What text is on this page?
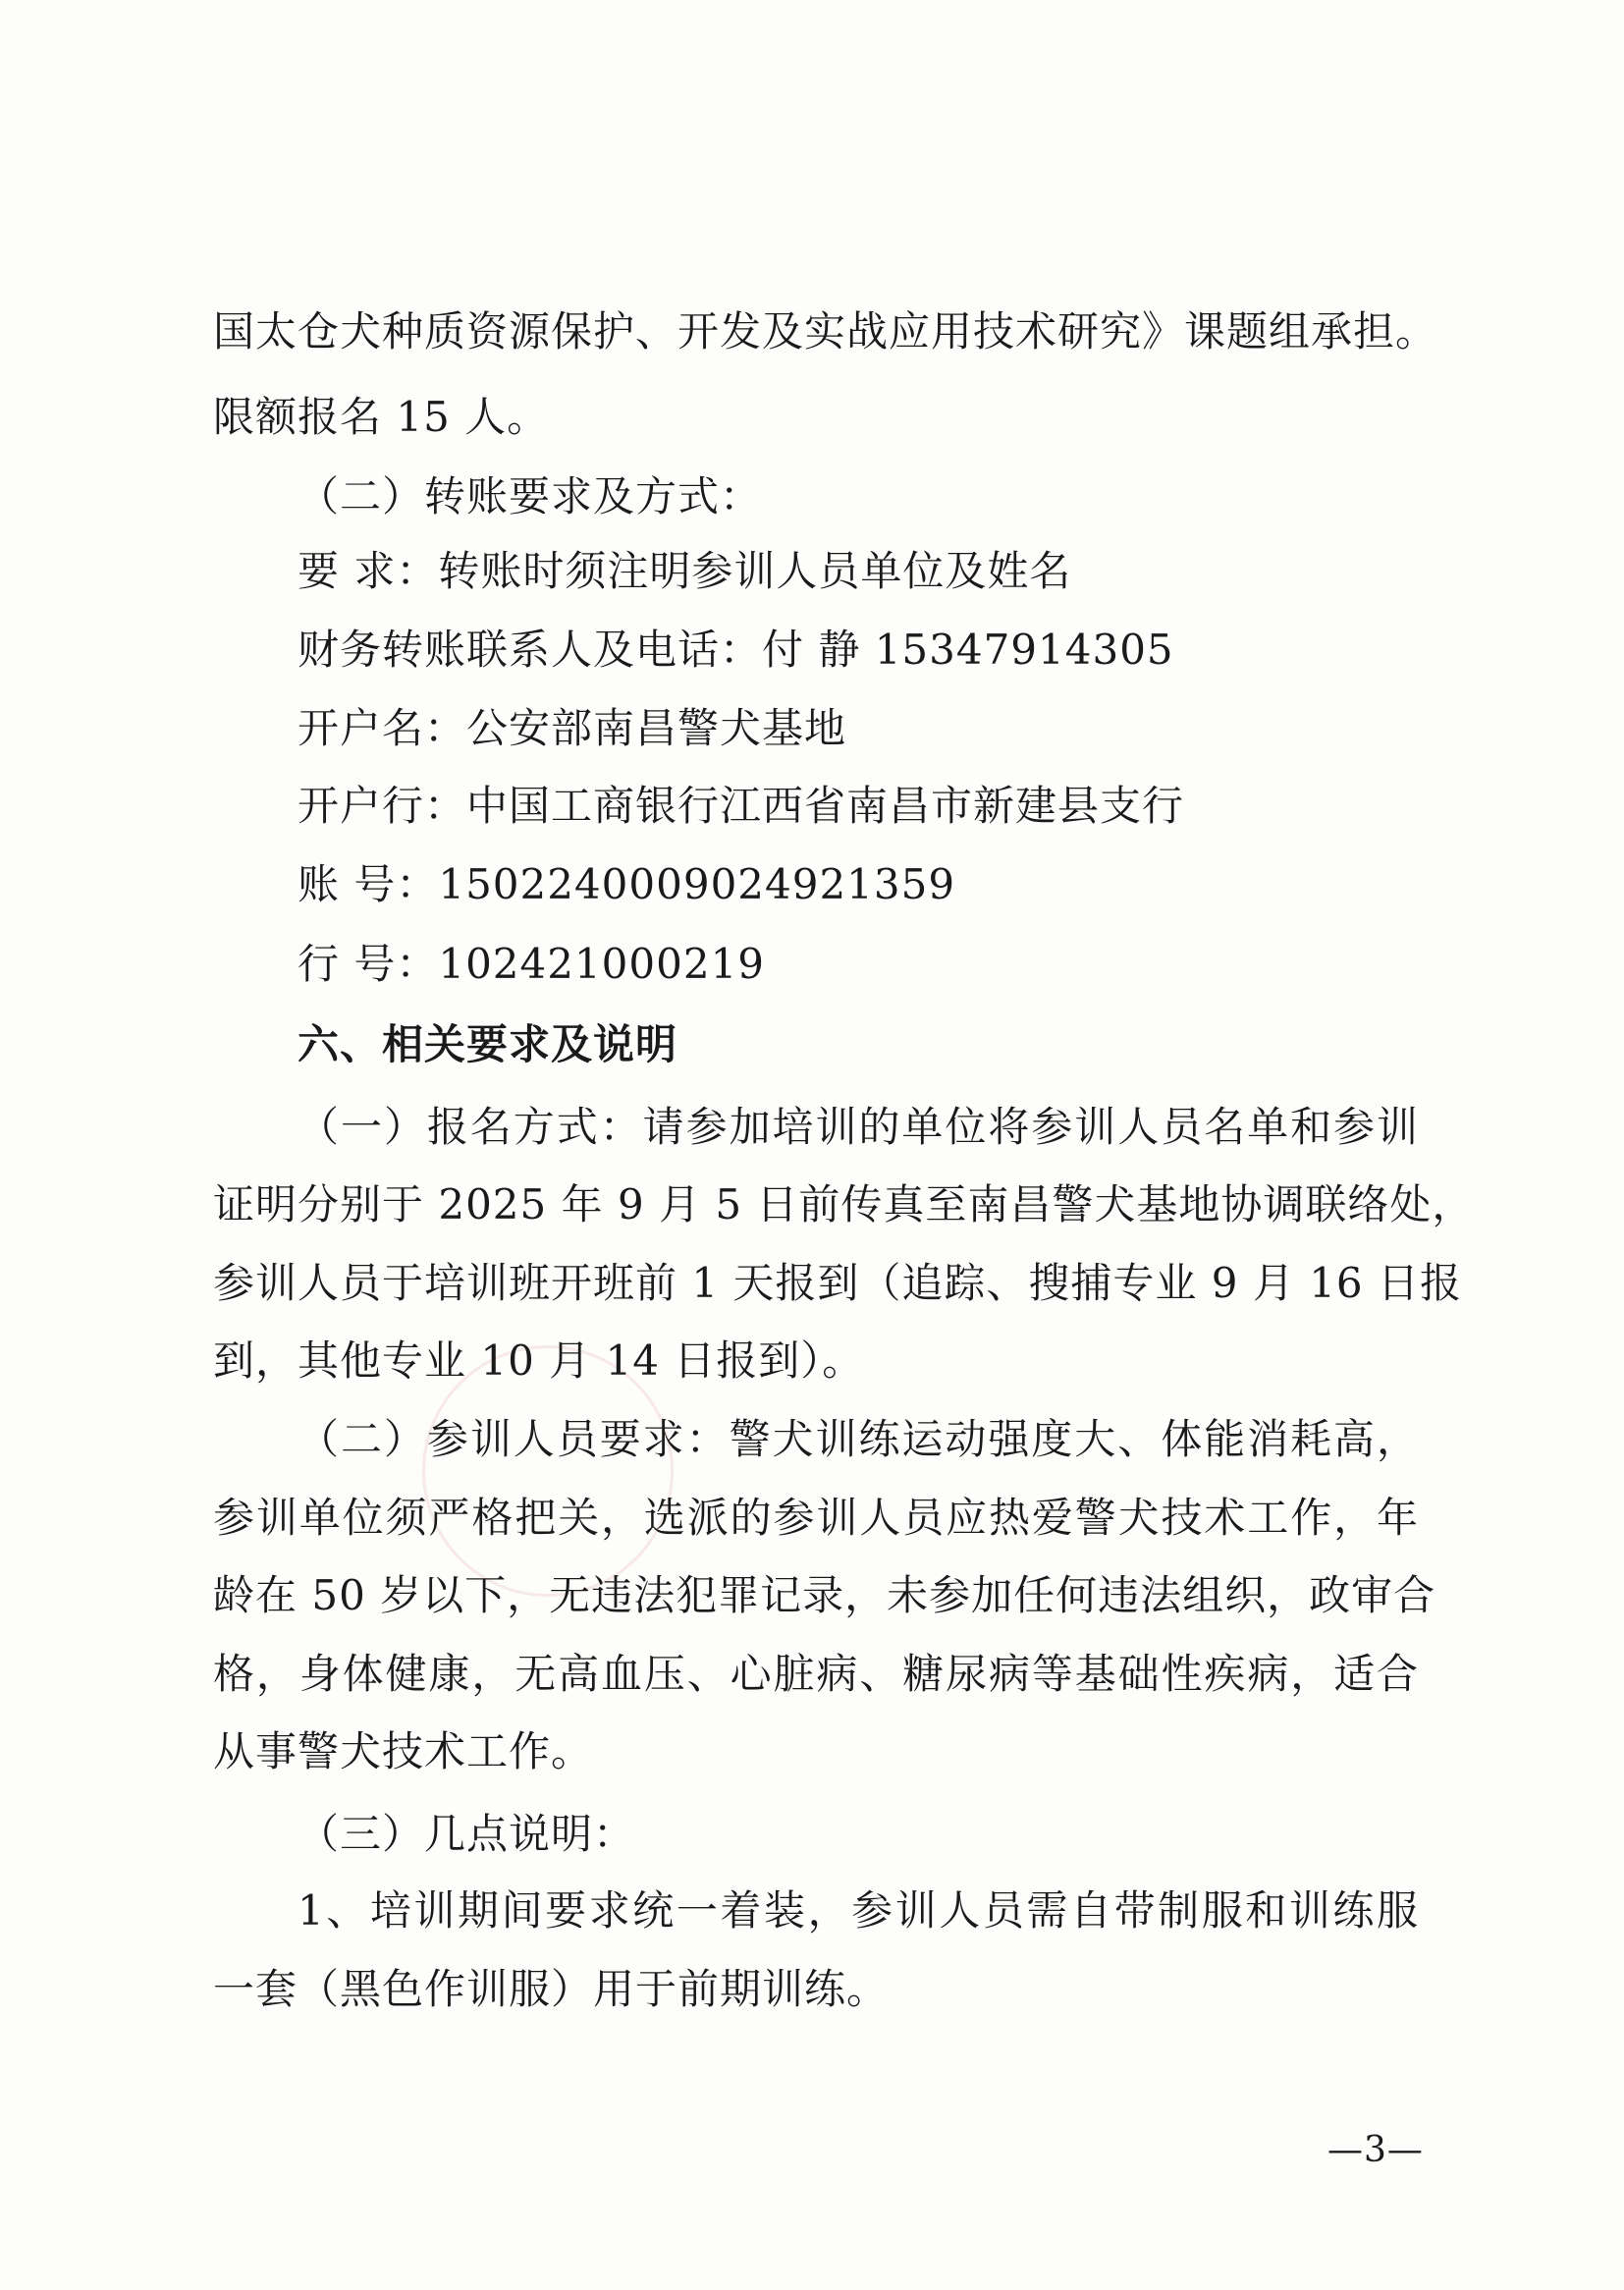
国太仓犬种质资源保护、开发及实战应用技术研究》课题组承担。
限额报名 15 人。
（二）转账要求及方式：
要 求：转账时须注明参训人员单位及姓名
财务转账联系人及电话：付 静 15347914305
开户名：公安部南昌警犬基地
开户行：中国工商银行江西省南昌市新建县支行
账 号：1502240009024921359
行 号：102421000219
六、相关要求及说明
（一）报名方式：请参加培训的单位将参训人员名单和参训
证明分别于 2025 年 9 月 5 日前传真至南昌警犬基地协调联络处，
参训人员于培训班开班前 1 天报到（追踪、搜捕专业 9 月 16 日报
到，其他专业 10 月 14 日报到）。
（二）参训人员要求：警犬训练运动强度大、体能消耗高，
参训单位须严格把关，选派的参训人员应热爱警犬技术工作，年
龄在 50 岁以下，无违法犯罪记录，未参加任何违法组织，政审合
格，身体健康，无高血压、心脏病、糖尿病等基础性疾病，适合
从事警犬技术工作。
（三）几点说明：
1、培训期间要求统一着装，参训人员需自带制服和训练服
一套（黑色作训服）用于前期训练。
—3—
